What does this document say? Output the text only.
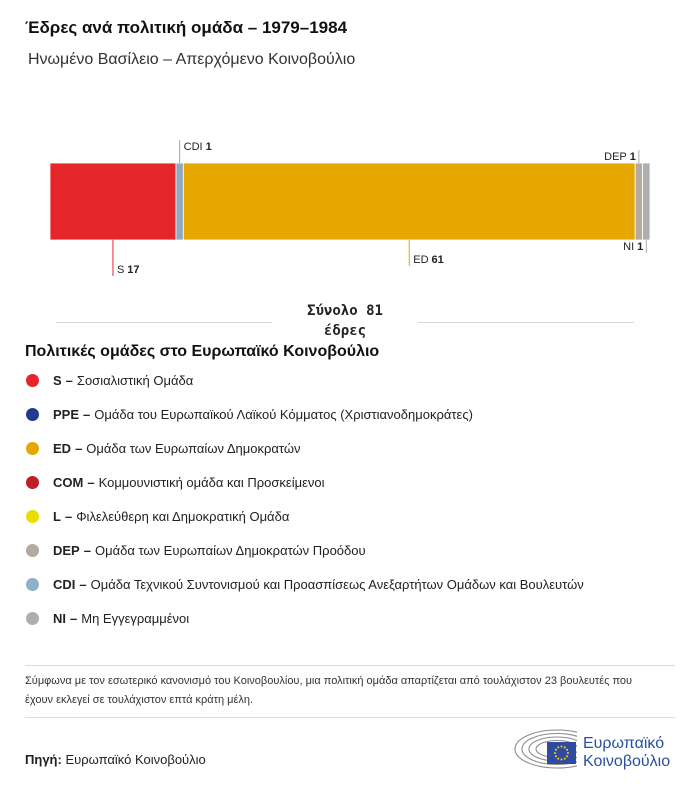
Έδρες ανά πολιτική ομάδα – 1979–1984
Ηνωμένο Βασίλειο – Απερχόμενο Κοινοβούλιο
S 17
CDI 1
ED 61
DEP 1
NI 1
Σύνολο 81
έδρες
Πολιτικές ομάδες στο Ευρωπαϊκό Κοινοβούλιο
S – Σοσιαλιστική Ομάδα
PPE – Ομάδα του Ευρωπαϊκού Λαϊκού Κόμματος (Χριστιανοδημοκράτες)
ED – Ομάδα των Ευρωπαίων Δημοκρατών
COM – Κομμουνιστική ομάδα και Προσκείμενοι
L – Φιλελεύθερη και Δημοκρατική Ομάδα
DEP – Ομάδα των Ευρωπαίων Δημοκρατών Προόδου
CDI – Ομάδα Τεχνικού Συντονισμού και Προασπίσεως Ανεξαρτήτων Ομάδων και Βουλευτών
NI – Μη Εγγεγραμμένοι

Σύμφωνα με τον εσωτερικό κανονισμό του Κοινοβουλίου, μια πολιτική ομάδα απαρτίζεται από τουλάχιστον 23 βουλευτές που έχουν εκλεγεί σε τουλάχιστον επτά κράτη μέλη.

Πηγή: Ευρωπαϊκό Κοινοβούλιο
Ευρωπαϊκό
Κοινοβούλιο
